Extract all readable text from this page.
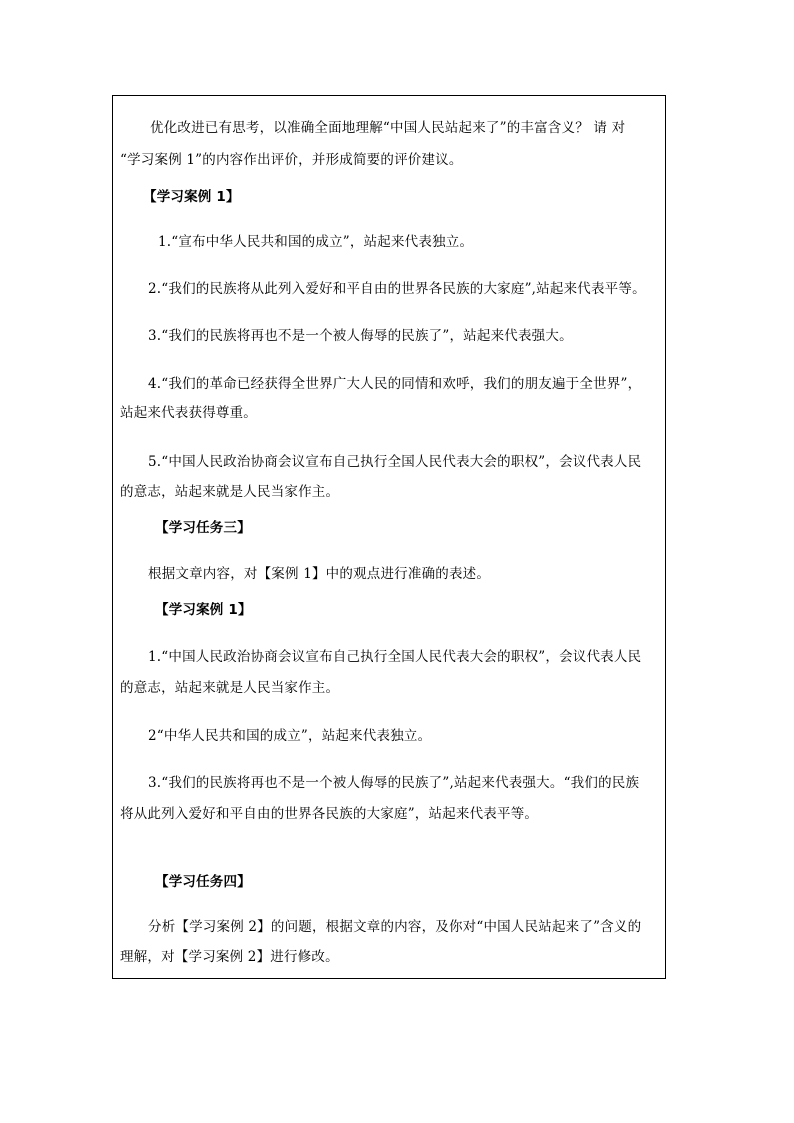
优化改进已有思考，以准确全面地理解“中国人民站起来了”的丰富含义？ 请 对
“学习案例 1”的内容作出评价，并形成简要的评价建议。
【学习案例 1】
1.“宣布中华人民共和国的成立”，站起来代表独立。
2.“我们的民族将从此列入爱好和平自由的世界各民族的大家庭”,站起来代表平等。
3.“我们的民族将再也不是一个被人侮辱的民族了”，站起来代表强大。
4.“我们的革命已经获得全世界广大人民的同情和欢呼，我们的朋友遍于全世界”，
站起来代表获得尊重。
5.“中国人民政治协商会议宣布自己执行全国人民代表大会的职权”，会议代表人民
的意志，站起来就是人民当家作主。
【学习任务三】
根据文章内容，对【案例 1】中的观点进行准确的表述。
【学习案例 1】
1.“中国人民政治协商会议宣布自己执行全国人民代表大会的职权”，会议代表人民
的意志，站起来就是人民当家作主。
2“中华人民共和国的成立”，站起来代表独立。
3.“我们的民族将再也不是一个被人侮辱的民族了”,站起来代表强大。“我们的民族
将从此列入爱好和平自由的世界各民族的大家庭”，站起来代表平等。
【学习任务四】
分析【学习案例 2】的问题，根据文章的内容，及你对“中国人民站起来了”含义的
理解，对【学习案例 2】进行修改。
